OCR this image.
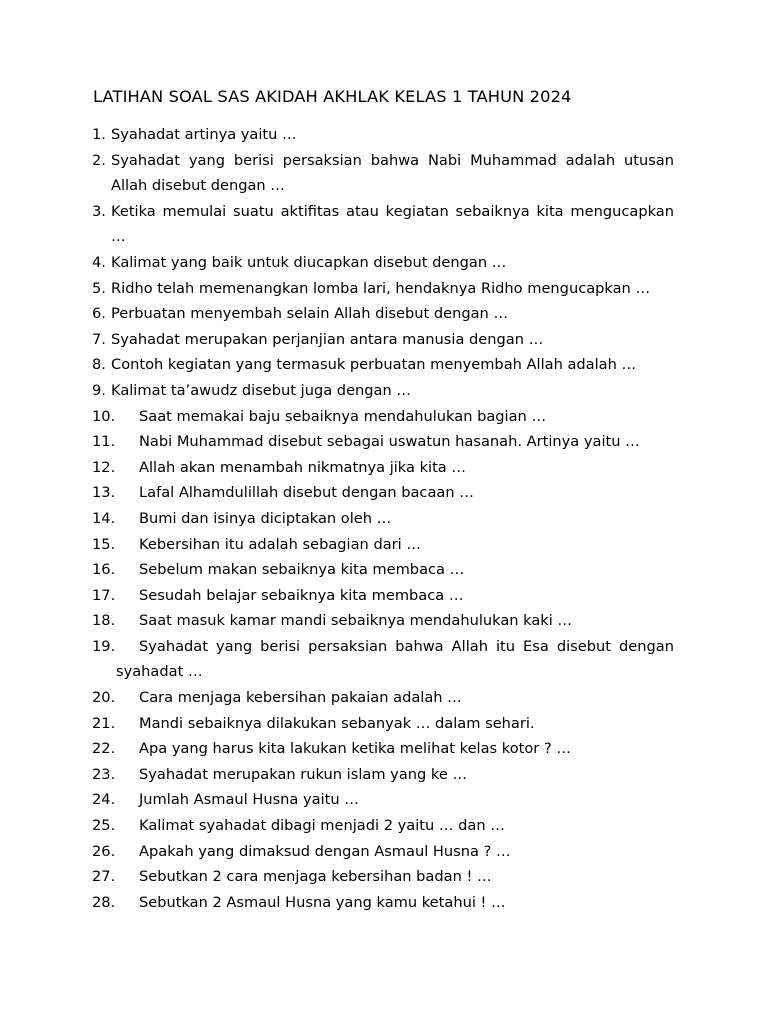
LATIHAN SOAL SAS AKIDAH AKHLAK KELAS 1 TAHUN 2024
1. Syahadat artinya yaitu …
2. Syahadat yang berisi persaksian bahwa Nabi Muhammad adalah utusan Allah disebut dengan …
3. Ketika memulai suatu aktifitas atau kegiatan sebaiknya kita mengucapkan …
4. Kalimat yang baik untuk diucapkan disebut dengan …
5. Ridho telah memenangkan lomba lari, hendaknya Ridho mengucapkan …
6. Perbuatan menyembah selain Allah disebut dengan …
7. Syahadat merupakan perjanjian antara manusia dengan …
8. Contoh kegiatan yang termasuk perbuatan menyembah Allah adalah …
9. Kalimat ta’awudz disebut juga dengan …
10.	Saat memakai baju sebaiknya mendahulukan bagian …
11.	Nabi Muhammad disebut sebagai uswatun hasanah. Artinya yaitu …
12.	Allah akan menambah nikmatnya jika kita …
13.	Lafal Alhamdulillah disebut dengan bacaan …
14.	Bumi dan isinya diciptakan oleh …
15.	Kebersihan itu adalah sebagian dari …
16.	Sebelum makan sebaiknya kita membaca …
17.	Sesudah belajar sebaiknya kita membaca …
18.	Saat masuk kamar mandi sebaiknya mendahulukan kaki …
19.	Syahadat yang berisi persaksian bahwa Allah itu Esa disebut dengan syahadat …
20.	Cara menjaga kebersihan pakaian adalah …
21.	Mandi sebaiknya dilakukan sebanyak … dalam sehari.
22.	Apa yang harus kita lakukan ketika melihat kelas kotor ? …
23.	Syahadat merupakan rukun islam yang ke …
24.	Jumlah Asmaul Husna yaitu …
25.	Kalimat syahadat dibagi menjadi 2 yaitu … dan …
26.	Apakah yang dimaksud dengan Asmaul Husna ? …
27.	Sebutkan 2 cara menjaga kebersihan badan ! …
28.	Sebutkan 2 Asmaul Husna yang kamu ketahui ! …
